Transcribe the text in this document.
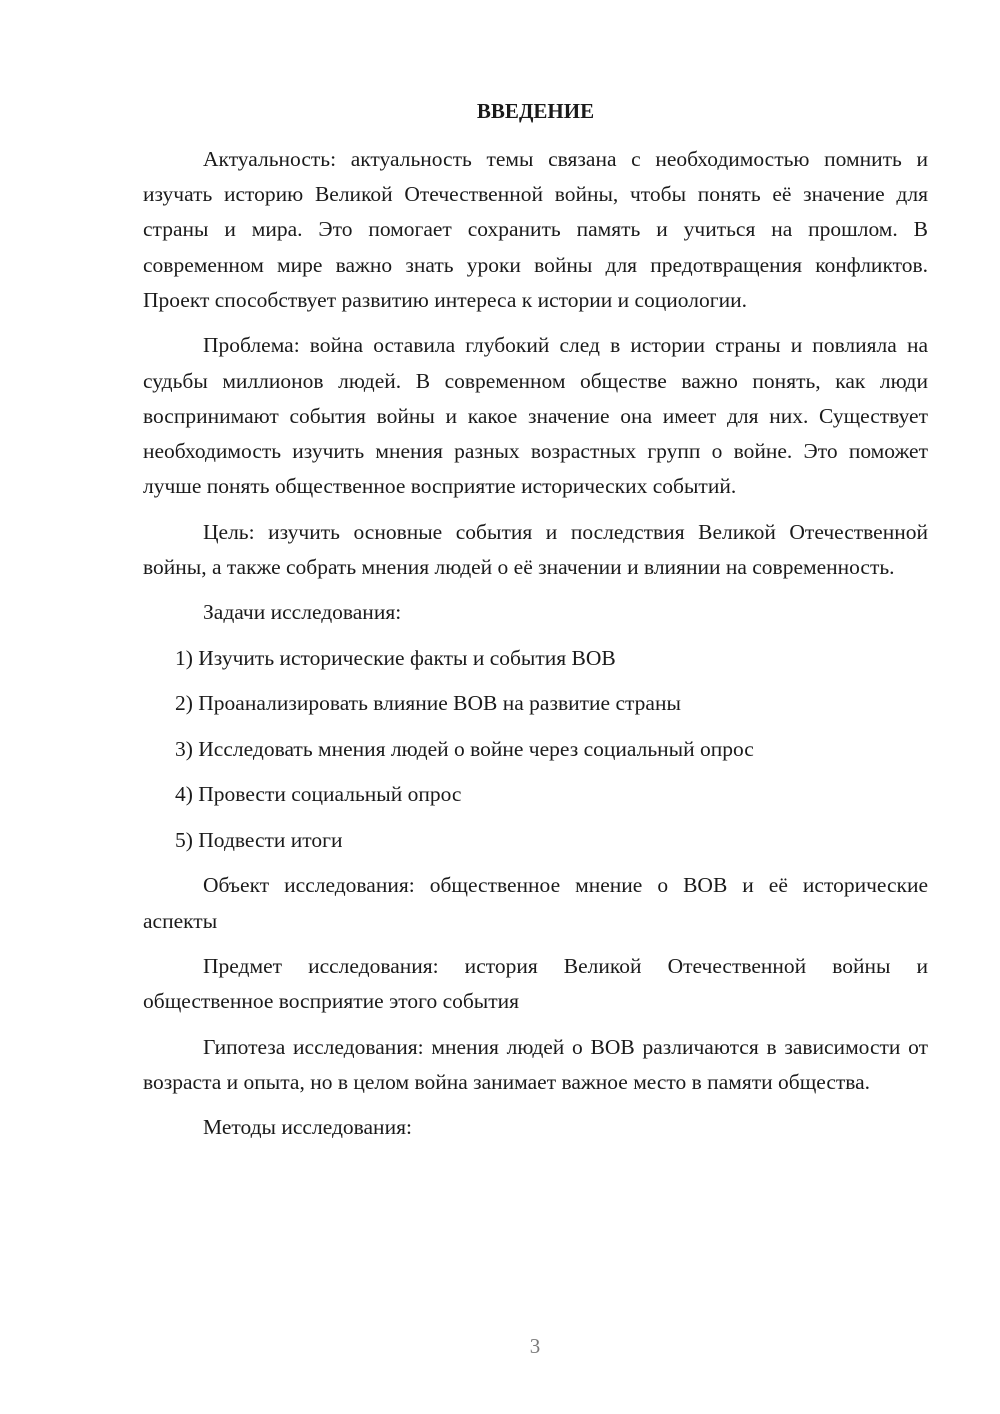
ВВЕДЕНИЕ

Актуальность: актуальность темы связана с необходимостью помнить и изучать историю Великой Отечественной войны, чтобы понять её значение для страны и мира. Это помогает сохранить память и учиться на прошлом. В современном мире важно знать уроки войны для предотвращения конфликтов. Проект способствует развитию интереса к истории и социологии.

Проблема: война оставила глубокий след в истории страны и повлияла на судьбы миллионов людей. В современном обществе важно понять, как люди воспринимают события войны и какое значение она имеет для них. Существует необходимость изучить мнения разных возрастных групп о войне. Это поможет лучше понять общественное восприятие исторических событий.

Цель: изучить основные события и последствия Великой Отечественной войны, а также собрать мнения людей о её значении и влиянии на современность.

Задачи исследования:

1) Изучить исторические факты и события ВОВ

2) Проанализировать влияние ВОВ на развитие страны

3) Исследовать мнения людей о войне через социальный опрос

4) Провести социальный опрос

5) Подвести итоги

Объект исследования: общественное мнение о ВОВ и её исторические аспекты

Предмет исследования: история Великой Отечественной войны и общественное восприятие этого события

Гипотеза исследования: мнения людей о ВОВ различаются в зависимости от возраста и опыта, но в целом война занимает важное место в памяти общества.

Методы исследования:

3
